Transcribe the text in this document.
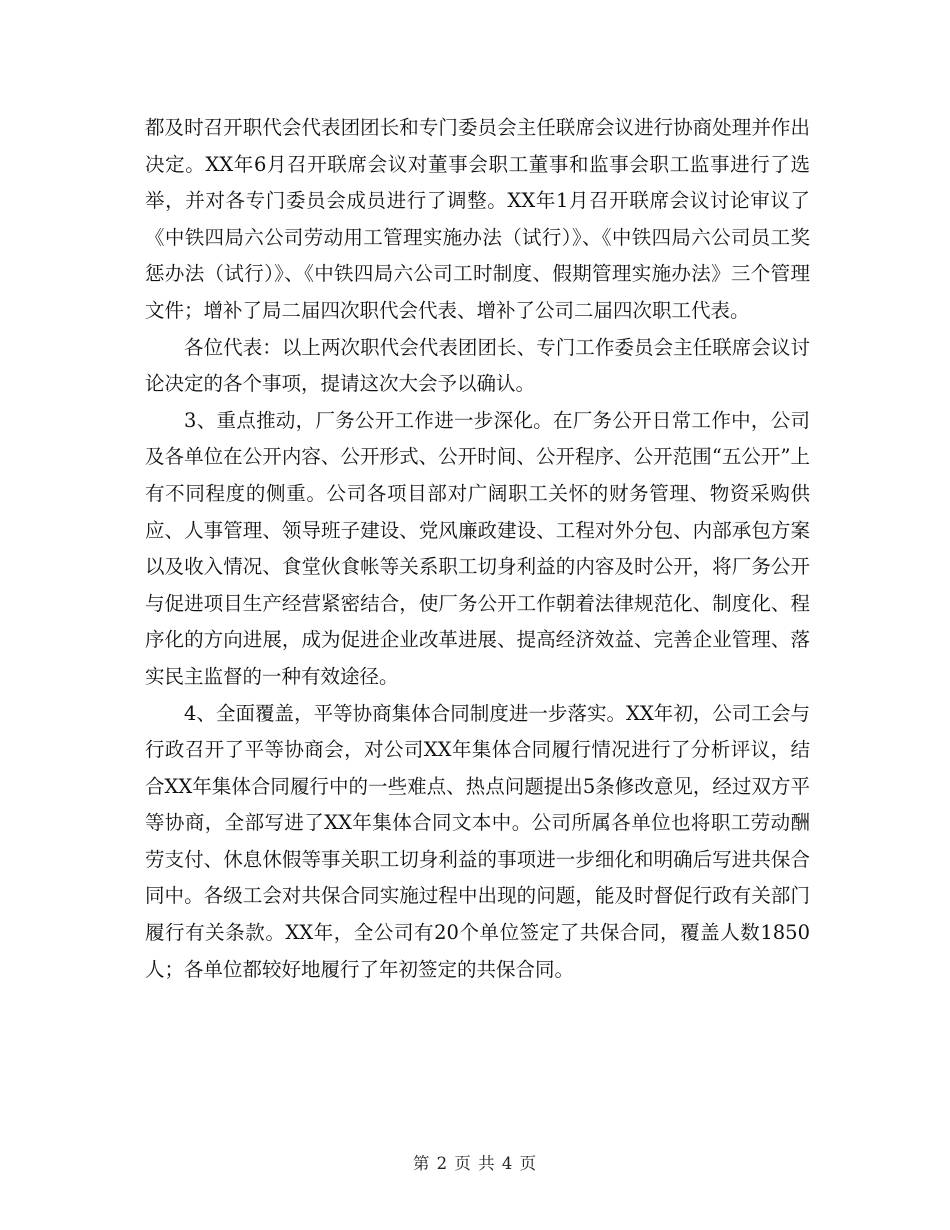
都及时召开职代会代表团团长和专门委员会主任联席会议进行协商处理并作出决定。XX年6月召开联席会议对董事会职工董事和监事会职工监事进行了选举，并对各专门委员会成员进行了调整。XX年1月召开联席会议讨论审议了《中铁四局六公司劳动用工管理实施办法（试行）》、《中铁四局六公司员工奖惩办法（试行）》、《中铁四局六公司工时制度、假期管理实施办法》三个管理文件；增补了局二届四次职代会代表、增补了公司二届四次职工代表。

各位代表：以上两次职代会代表团团长、专门工作委员会主任联席会议讨论决定的各个事项，提请这次大会予以确认。

3、重点推动，厂务公开工作进一步深化。在厂务公开日常工作中，公司及各单位在公开内容、公开形式、公开时间、公开程序、公开范围“五公开”上有不同程度的侧重。公司各项目部对广阔职工关怀的财务管理、物资采购供应、人事管理、领导班子建设、党风廉政建设、工程对外分包、内部承包方案以及收入情况、食堂伙食帐等关系职工切身利益的内容及时公开，将厂务公开与促进项目生产经营紧密结合，使厂务公开工作朝着法律规范化、制度化、程序化的方向进展，成为促进企业改革进展、提高经济效益、完善企业管理、落实民主监督的一种有效途径。

4、全面覆盖，平等协商集体合同制度进一步落实。XX年初，公司工会与行政召开了平等协商会，对公司XX年集体合同履行情况进行了分析评议，结合XX年集体合同履行中的一些难点、热点问题提出5条修改意见，经过双方平等协商，全部写进了XX年集体合同文本中。公司所属各单位也将职工劳动酬劳支付、休息休假等事关职工切身利益的事项进一步细化和明确后写进共保合同中。各级工会对共保合同实施过程中出现的问题，能及时督促行政有关部门履行有关条款。XX年，全公司有20个单位签定了共保合同，覆盖人数1850人；各单位都较好地履行了年初签定的共保合同。

第 2 页 共 4 页
